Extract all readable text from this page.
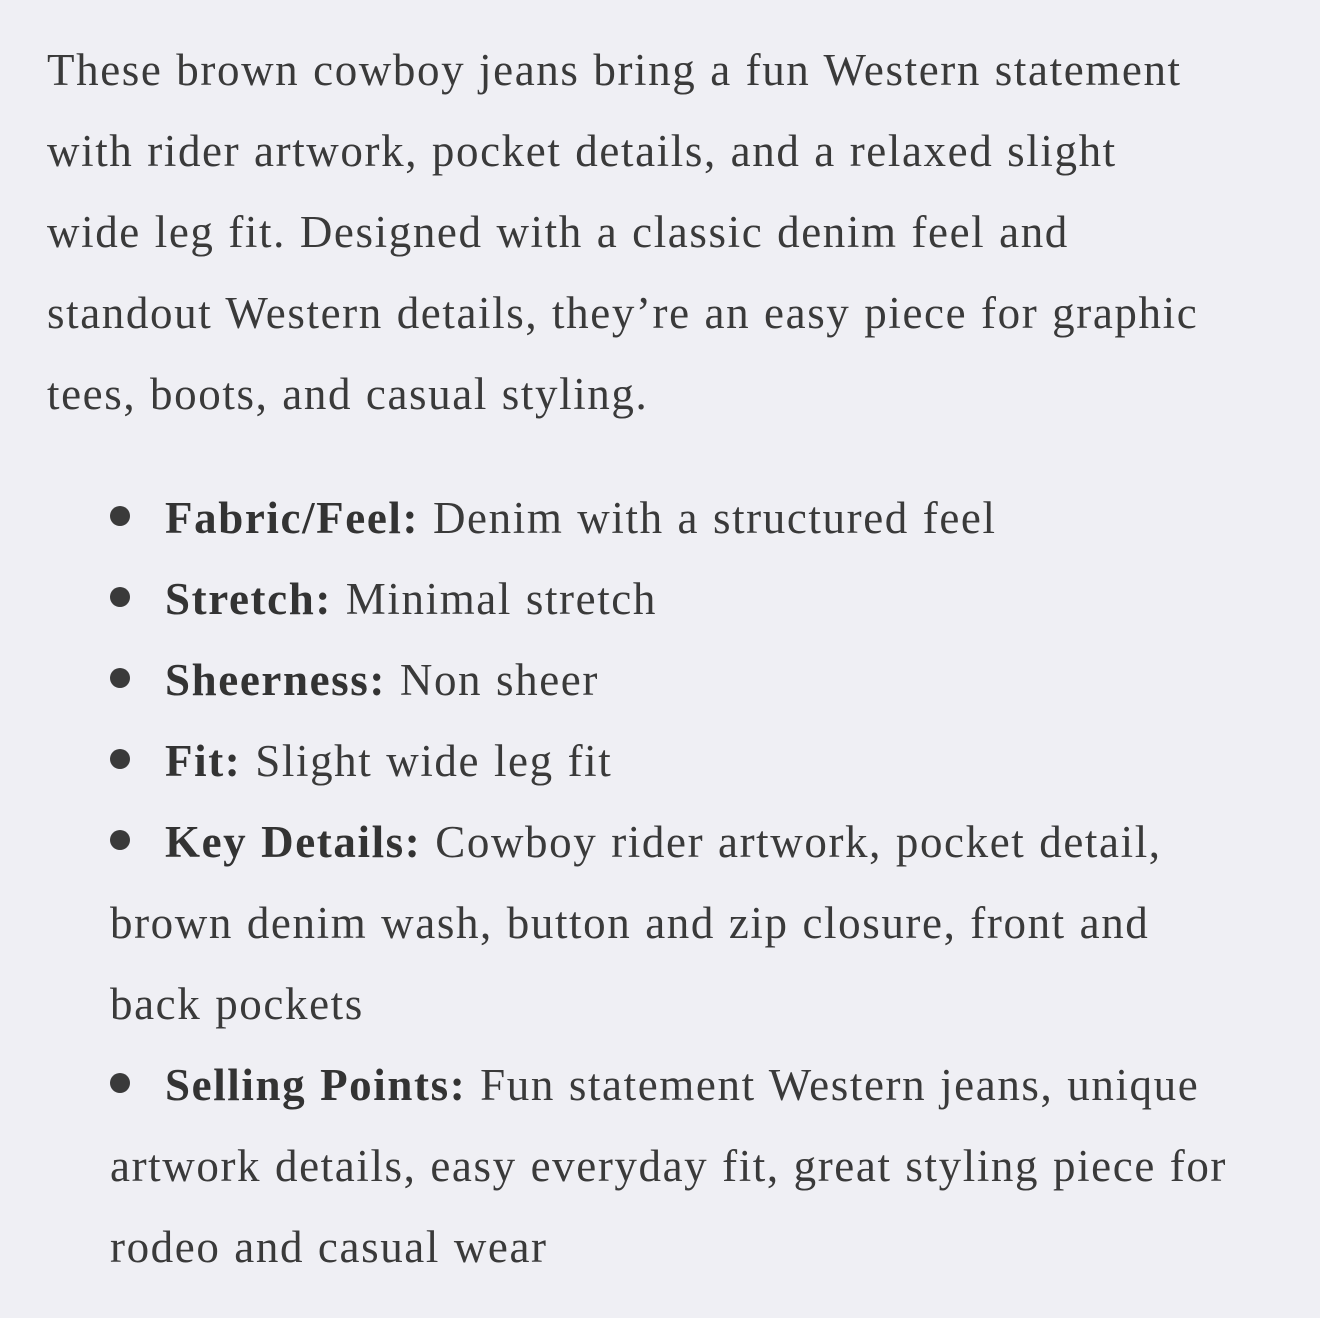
These brown cowboy jeans bring a fun Western statement
with rider artwork, pocket details, and a relaxed slight
wide leg fit. Designed with a classic denim feel and
standout Western details, they’re an easy piece for graphic
tees, boots, and casual styling.

Fabric/Feel: Denim with a structured feel
Stretch: Minimal stretch
Sheerness: Non sheer
Fit: Slight wide leg fit
Key Details: Cowboy rider artwork, pocket detail,
brown denim wash, button and zip closure, front and
back pockets
Selling Points: Fun statement Western jeans, unique
artwork details, easy everyday fit, great styling piece for
rodeo and casual wear
